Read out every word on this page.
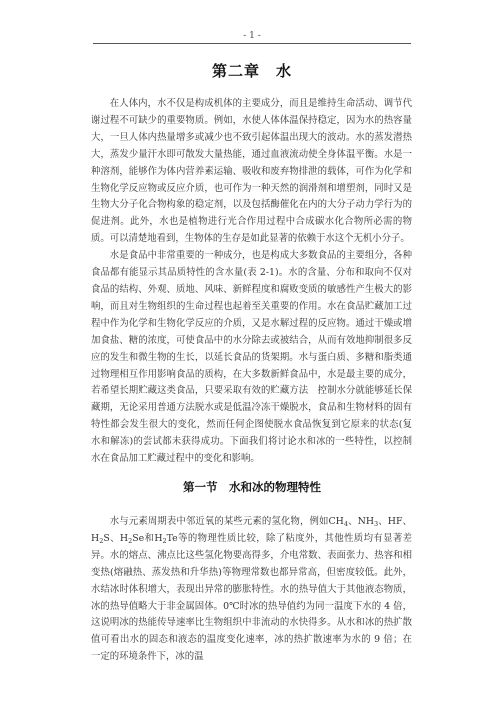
- 1 -
第二章　水

在人体内，水不仅是构成机体的主要成分，而且是维持生命活动、调节代谢过程不可缺少的重要物质。例如，水使人体体温保持稳定，因为水的热容量大，一旦人体内热量增多或减少也不致引起体温出现大的波动。水的蒸发潜热大，蒸发少量汗水即可散发大量热能，通过血液流动使全身体温平衡。水是一种溶剂，能够作为体内营养素运输、吸收和废弃物排泄的载体，可作为化学和生物化学反应物或反应介质，也可作为一种天然的润滑剂和增塑剂，同时又是生物大分子化合物构象的稳定剂，以及包括酶催化在内的大分子动力学行为的促进剂。此外，水也是植物进行光合作用过程中合成碳水化合物所必需的物质。可以清楚地看到，生物体的生存是如此显著的依赖于水这个无机小分子。

水是食品中非常重要的一种成分，也是构成大多数食品的主要组分，各种食品都有能显示其品质特性的含水量(表 2-1)。水的含量、分布和取向不仅对食品的结构、外观、质地、风味、新鲜程度和腐败变质的敏感性产生极大的影响，而且对生物组织的生命过程也起着至关重要的作用。水在食品贮藏加工过程中作为化学和生物化学反应的介质，又是水解过程的反应物。通过干燥或增加食盐、糖的浓度，可使食品中的水分除去或被结合，从而有效地抑制很多反应的发生和微生物的生长，以延长食品的货架期。水与蛋白质、多糖和脂类通过物理相互作用影响食品的质构，在大多数新鲜食品中，水是最主要的成分，若希望长期贮藏这类食品，只要采取有效的贮藏方法　控制水分就能够延长保藏期，无论采用普通方法脱水或是低温冷冻干燥脱水，食品和生物材料的固有特性都会发生很大的变化，然而任何企图使脱水食品恢复到它原来的状态(复水和解冻)的尝试都未获得成功。下面我们将讨论水和冰的一些特性，以控制水在食品加工贮藏过程中的变化和影响。

第一节　水和冰的物理特性

水与元素周期表中邻近氧的某些元素的氢化物，例如$CH_4$、$NH_3$、HF、$H_2S$、$H_2Se$和$H_2Te$等的物理性质比较，除了粘度外，其他性质均有显著差异。水的熔点、沸点比这些氢化物要高得多，介电常数、表面张力、热容和相变热(熔融热、蒸发热和升华热)等物理常数也都异常高，但密度较低。此外，水结冰时体积增大，表现出异常的膨胀特性。水的热导值大于其他液态物质，冰的热导值略大于非金属固体。0℃时冰的热导值约为同一温度下水的 4 倍，这说明冰的热能传导速率比生物组织中非流动的水快得多。从水和冰的热扩散值可看出水的固态和液态的温度变化速率，冰的热扩散速率为水的 9 倍；在一定的环境条件下，冰的温
